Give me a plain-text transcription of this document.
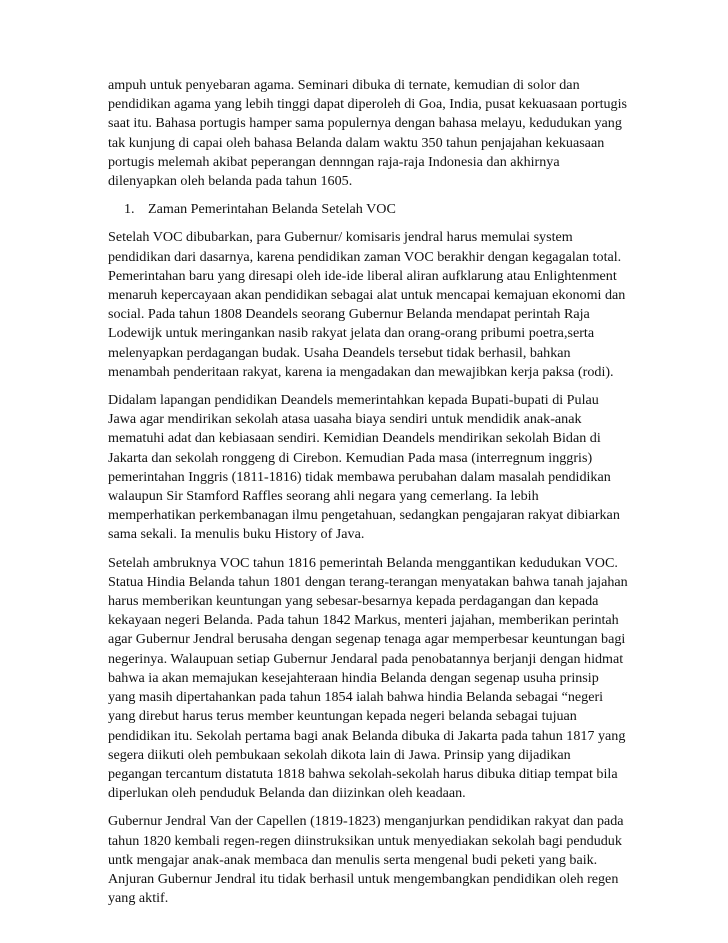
ampuh untuk penyebaran agama. Seminari dibuka di ternate, kemudian di solor dan pendidikan agama yang lebih tinggi dapat diperoleh di Goa, India, pusat kekuasaan portugis saat itu. Bahasa portugis hamper sama populernya dengan bahasa melayu, kedudukan yang tak kunjung di capai oleh bahasa Belanda dalam waktu 350 tahun penjajahan kekuasaan portugis melemah akibat peperangan dennngan raja-raja Indonesia dan akhirnya dilenyapkan oleh belanda pada tahun 1605.

1. Zaman Pemerintahan Belanda Setelah VOC

Setelah VOC dibubarkan, para Gubernur/ komisaris jendral harus memulai system pendidikan dari dasarnya, karena pendidikan zaman VOC berakhir dengan kegagalan total. Pemerintahan baru yang diresapi oleh ide-ide liberal aliran aufklarung atau Enlightenment menaruh kepercayaan akan pendidikan sebagai alat untuk mencapai kemajuan ekonomi dan social. Pada tahun 1808 Deandels seorang Gubernur Belanda mendapat perintah Raja Lodewijk untuk meringankan nasib rakyat jelata dan orang-orang pribumi poetra,serta melenyapkan perdagangan budak. Usaha Deandels tersebut tidak berhasil, bahkan menambah penderitaan rakyat, karena ia mengadakan dan mewajibkan kerja paksa (rodi).

Didalam lapangan pendidikan Deandels memerintahkan kepada Bupati-bupati di Pulau Jawa agar mendirikan sekolah atasa uasaha biaya sendiri untuk mendidik anak-anak mematuhi adat dan kebiasaan sendiri. Kemidian Deandels mendirikan sekolah Bidan di Jakarta dan sekolah ronggeng di Cirebon. Kemudian Pada masa (interregnum inggris) pemerintahan Inggris (1811-1816) tidak membawa perubahan dalam masalah pendidikan walaupun Sir Stamford Raffles seorang ahli negara yang cemerlang. Ia lebih memperhatikan perkembanagan ilmu pengetahuan, sedangkan pengajaran rakyat dibiarkan sama sekali. Ia menulis buku History of Java.

Setelah ambruknya VOC tahun 1816 pemerintah Belanda menggantikan kedudukan VOC. Statua Hindia Belanda tahun 1801 dengan terang-terangan menyatakan bahwa tanah jajahan harus memberikan keuntungan yang sebesar-besarnya kepada perdagangan dan kepada kekayaan negeri Belanda. Pada tahun 1842 Markus, menteri jajahan, memberikan perintah agar Gubernur Jendral berusaha dengan segenap tenaga agar memperbesar keuntungan bagi negerinya. Walaupuan setiap Gubernur Jendaral pada penobatannya berjanji dengan hidmat bahwa ia akan memajukan kesejahteraan hindia Belanda dengan segenap usuha prinsip yang masih dipertahankan pada tahun 1854 ialah bahwa hindia Belanda sebagai “negeri yang direbut harus terus member keuntungan kepada negeri belanda sebagai tujuan pendidikan itu. Sekolah pertama bagi anak Belanda dibuka di Jakarta pada tahun 1817 yang segera diikuti oleh pembukaan sekolah dikota lain di Jawa. Prinsip yang dijadikan pegangan tercantum distatuta 1818 bahwa sekolah-sekolah harus dibuka ditiap tempat bila diperlukan oleh penduduk Belanda dan diizinkan oleh keadaan.

Gubernur Jendral Van der Capellen (1819-1823) menganjurkan pendidikan rakyat dan pada tahun 1820 kembali regen-regen diinstruksikan untuk menyediakan sekolah bagi penduduk untk mengajar anak-anak membaca dan menulis serta mengenal budi peketi yang baik. Anjuran Gubernur Jendral itu tidak berhasil untuk mengembangkan pendidikan oleh regen yang aktif.
